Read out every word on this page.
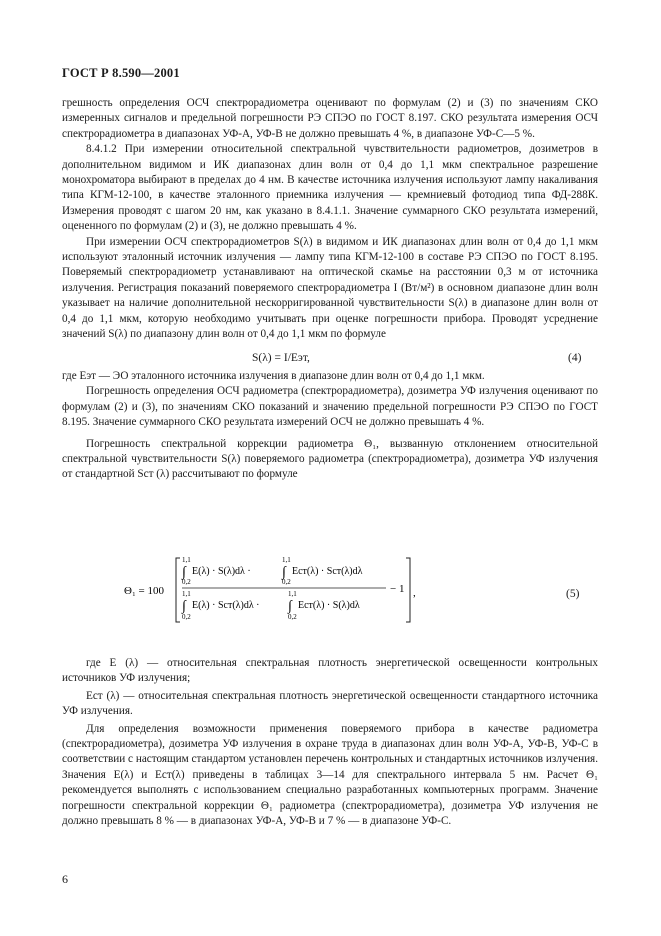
ГОСТ Р 8.590—2001

грешность определения ОСЧ спектрорадиометра оценивают по формулам (2) и (3) по значениям СКО измеренных сигналов и предельной погрешности РЭ СПЭО по ГОСТ 8.197. СКО результата измерения ОСЧ спектрорадиометра в диапазонах УФ-А, УФ-В не должно превышать 4 %, в диапазоне УФ-С—5 %.

8.4.1.2 При измерении относительной спектральной чувствительности радиометров, дозиметров в дополнительном видимом и ИК диапазонах длин волн от 0,4 до 1,1 мкм спектральное разрешение монохроматора выбирают в пределах до 4 нм. В качестве источника излучения используют лампу накаливания типа КГМ-12-100, в качестве эталонного приемника излучения — кремниевый фотодиод типа ФД-288К. Измерения проводят с шагом 20 нм, как указано в 8.4.1.1. Значение суммарного СКО результата измерений, оцененного по формулам (2) и (3), не должно превышать 4 %.

При измерении ОСЧ спектрорадиометров S(λ) в видимом и ИК диапазонах длин волн от 0,4 до 1,1 мкм используют эталонный источник излучения — лампу типа КГМ-12-100 в составе РЭ СПЭО по ГОСТ 8.195. Поверяемый спектрорадиометр устанавливают на оптической скамье на расстоянии 0,3 м от источника излучения. Регистрация показаний поверяемого спектрорадиометра I (Вт/м²) в основном диапазоне длин волн указывает на наличие дополнительной нескорригированной чувствительности S(λ) в диапазоне длин волн от 0,4 до 1,1 мкм, которую необходимо учитывать при оценке погрешности прибора. Проводят усреднение значений S(λ) по диапазону длин волн от 0,4 до 1,1 мкм по формуле

S(λ) = I/Eэт,	(4)

где Eэт — ЭО эталонного источника излучения в диапазоне длин волн от 0,4 до 1,1 мкм.

Погрешность определения ОСЧ радиометра (спектрорадиометра), дозиметра УФ излучения оценивают по формулам (2) и (3), по значениям СКО показаний и значению предельной погрешности РЭ СПЭО по ГОСТ 8.195. Значение суммарного СКО результата измерений ОСЧ не должно превышать 4 %.

Погрешность спектральной коррекции радиометра Θ₁, вызванную отклонением относительной спектральной чувствительности S(λ) поверяемого радиометра (спектрорадиометра), дозиметра УФ излучения от стандартной Sст (λ) рассчитывают по формуле

Θ₁ = 100
1,1
∫ E(λ) · S(λ)dλ ·
0,2
1,1
∫ Eст(λ) · Sст(λ)dλ
0,2
1,1
∫ E(λ) · Sст(λ)dλ ·
0,2
1,1
∫ Eст(λ) · S(λ)dλ
0,2
− 1 ,	(5)

где E (λ) — относительная спектральная плотность энергетической освещенности контрольных источников УФ излучения;

Eст (λ) — относительная спектральная плотность энергетической освещенности стандартного источника УФ излучения.

Для определения возможности применения поверяемого прибора в качестве радиометра (спектрорадиометра), дозиметра УФ излучения в охране труда в диапазонах длин волн УФ-А, УФ-В, УФ-С в соответствии с настоящим стандартом установлен перечень контрольных и стандартных источников излучения. Значения E(λ) и Eст(λ) приведены в таблицах 3—14 для спектрального интервала 5 нм. Расчет Θ₁ рекомендуется выполнять с использованием специально разработанных компьютерных программ. Значение погрешности спектральной коррекции Θ₁ радиометра (спектрорадиометра), дозиметра УФ излучения не должно превышать 8 % — в диапазонах УФ-А, УФ-В и 7 % — в диапазоне УФ-С.

6
